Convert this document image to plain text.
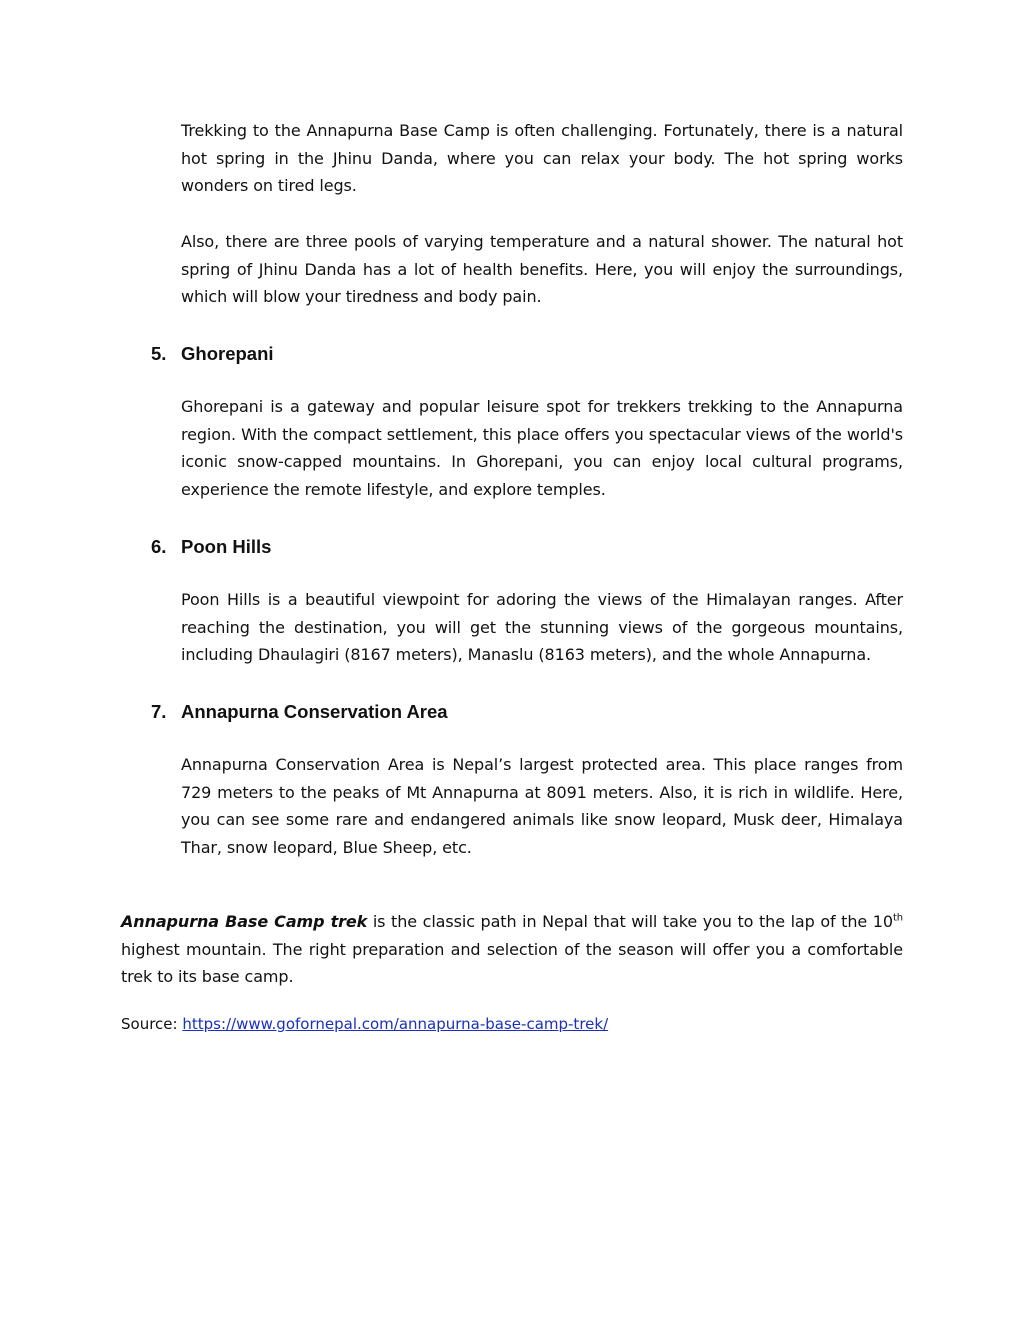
Trekking to the Annapurna Base Camp is often challenging. Fortunately, there is a natural hot spring in the Jhinu Danda, where you can relax your body. The hot spring works wonders on tired legs.

Also, there are three pools of varying temperature and a natural shower. The natural hot spring of Jhinu Danda has a lot of health benefits. Here, you will enjoy the surroundings, which will blow your tiredness and body pain.

5. Ghorepani

Ghorepani is a gateway and popular leisure spot for trekkers trekking to the Annapurna region. With the compact settlement, this place offers you spectacular views of the world's iconic snow-capped mountains. In Ghorepani, you can enjoy local cultural programs, experience the remote lifestyle, and explore temples.

6. Poon Hills

Poon Hills is a beautiful viewpoint for adoring the views of the Himalayan ranges. After reaching the destination, you will get the stunning views of the gorgeous mountains, including Dhaulagiri (8167 meters), Manaslu (8163 meters), and the whole Annapurna.

7. Annapurna Conservation Area

Annapurna Conservation Area is Nepal’s largest protected area. This place ranges from 729 meters to the peaks of Mt Annapurna at 8091 meters. Also, it is rich in wildlife. Here, you can see some rare and endangered animals like snow leopard, Musk deer, Himalaya Thar, snow leopard, Blue Sheep, etc.

Annapurna Base Camp trek is the classic path in Nepal that will take you to the lap of the 10th highest mountain. The right preparation and selection of the season will offer you a comfortable trek to its base camp.

Source: https://www.gofornepal.com/annapurna-base-camp-trek/
